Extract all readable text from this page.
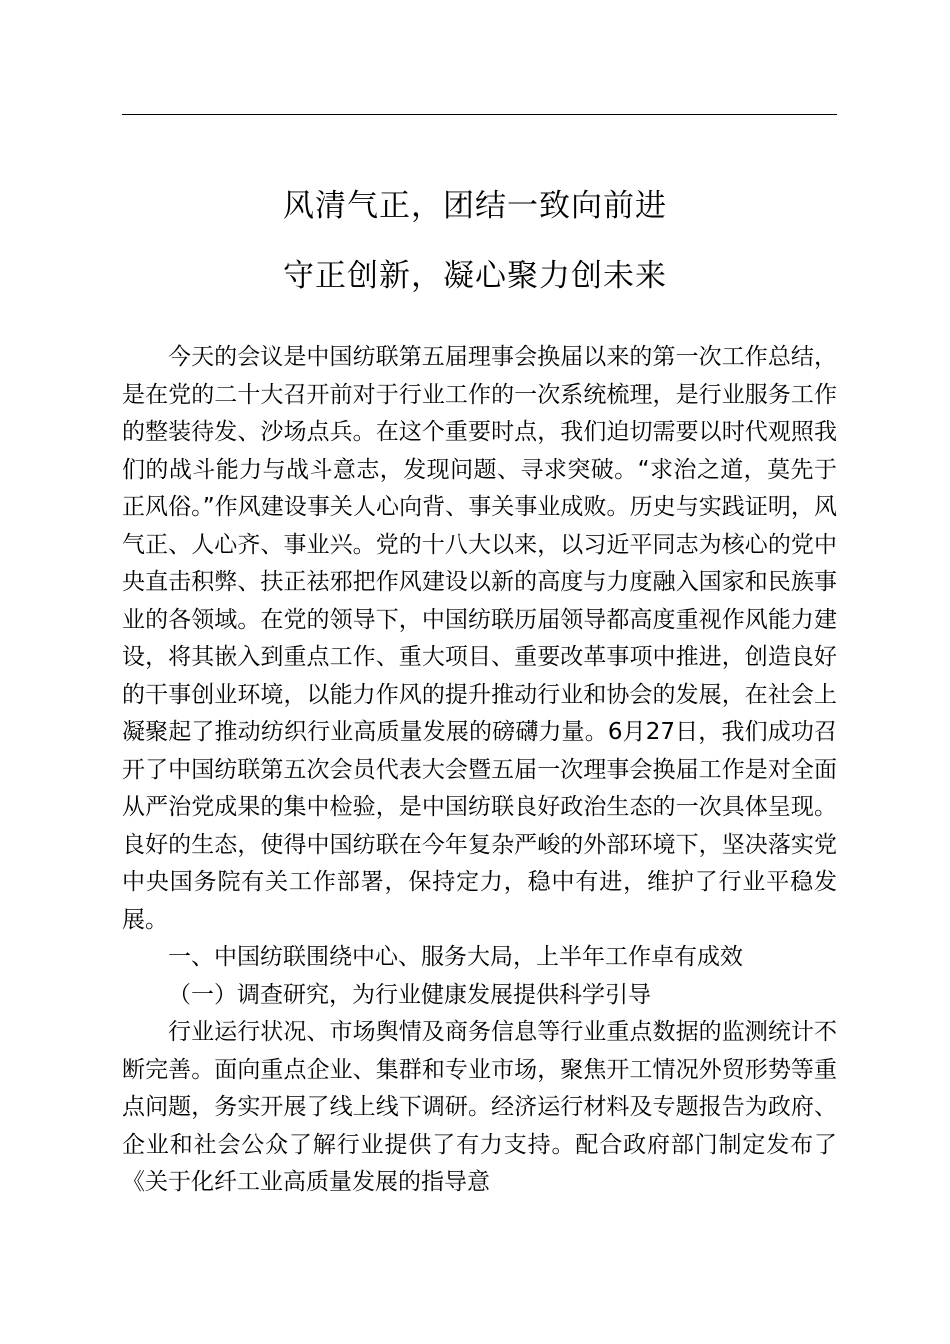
风清气正，团结一致向前进
守正创新，凝心聚力创未来

今天的会议是中国纺联第五届理事会换届以来的第一次工作总结，是在党的二十大召开前对于行业工作的一次系统梳理，是行业服务工作的整装待发、沙场点兵。在这个重要时点，我们迫切需要以时代观照我们的战斗能力与战斗意志，发现问题、寻求突破。“求治之道，莫先于正风俗。”作风建设事关人心向背、事关事业成败。历史与实践证明，风气正、人心齐、事业兴。党的十八大以来，以习近平同志为核心的党中央直击积弊、扶正祛邪把作风建设以新的高度与力度融入国家和民族事业的各领域。在党的领导下，中国纺联历届领导都高度重视作风能力建设，将其嵌入到重点工作、重大项目、重要改革事项中推进，创造良好的干事创业环境，以能力作风的提升推动行业和协会的发展，在社会上凝聚起了推动纺织行业高质量发展的磅礴力量。6月27日，我们成功召开了中国纺联第五次会员代表大会暨五届一次理事会换届工作是对全面从严治党成果的集中检验，是中国纺联良好政治生态的一次具体呈现。良好的生态，使得中国纺联在今年复杂严峻的外部环境下，坚决落实党中央国务院有关工作部署，保持定力，稳中有进，维护了行业平稳发展。

一、中国纺联围绕中心、服务大局，上半年工作卓有成效

（一）调查研究，为行业健康发展提供科学引导

行业运行状况、市场舆情及商务信息等行业重点数据的监测统计不断完善。面向重点企业、集群和专业市场，聚焦开工情况外贸形势等重点问题，务实开展了线上线下调研。经济运行材料及专题报告为政府、企业和社会公众了解行业提供了有力支持。配合政府部门制定发布了《关于化纤工业高质量发展的指导意
